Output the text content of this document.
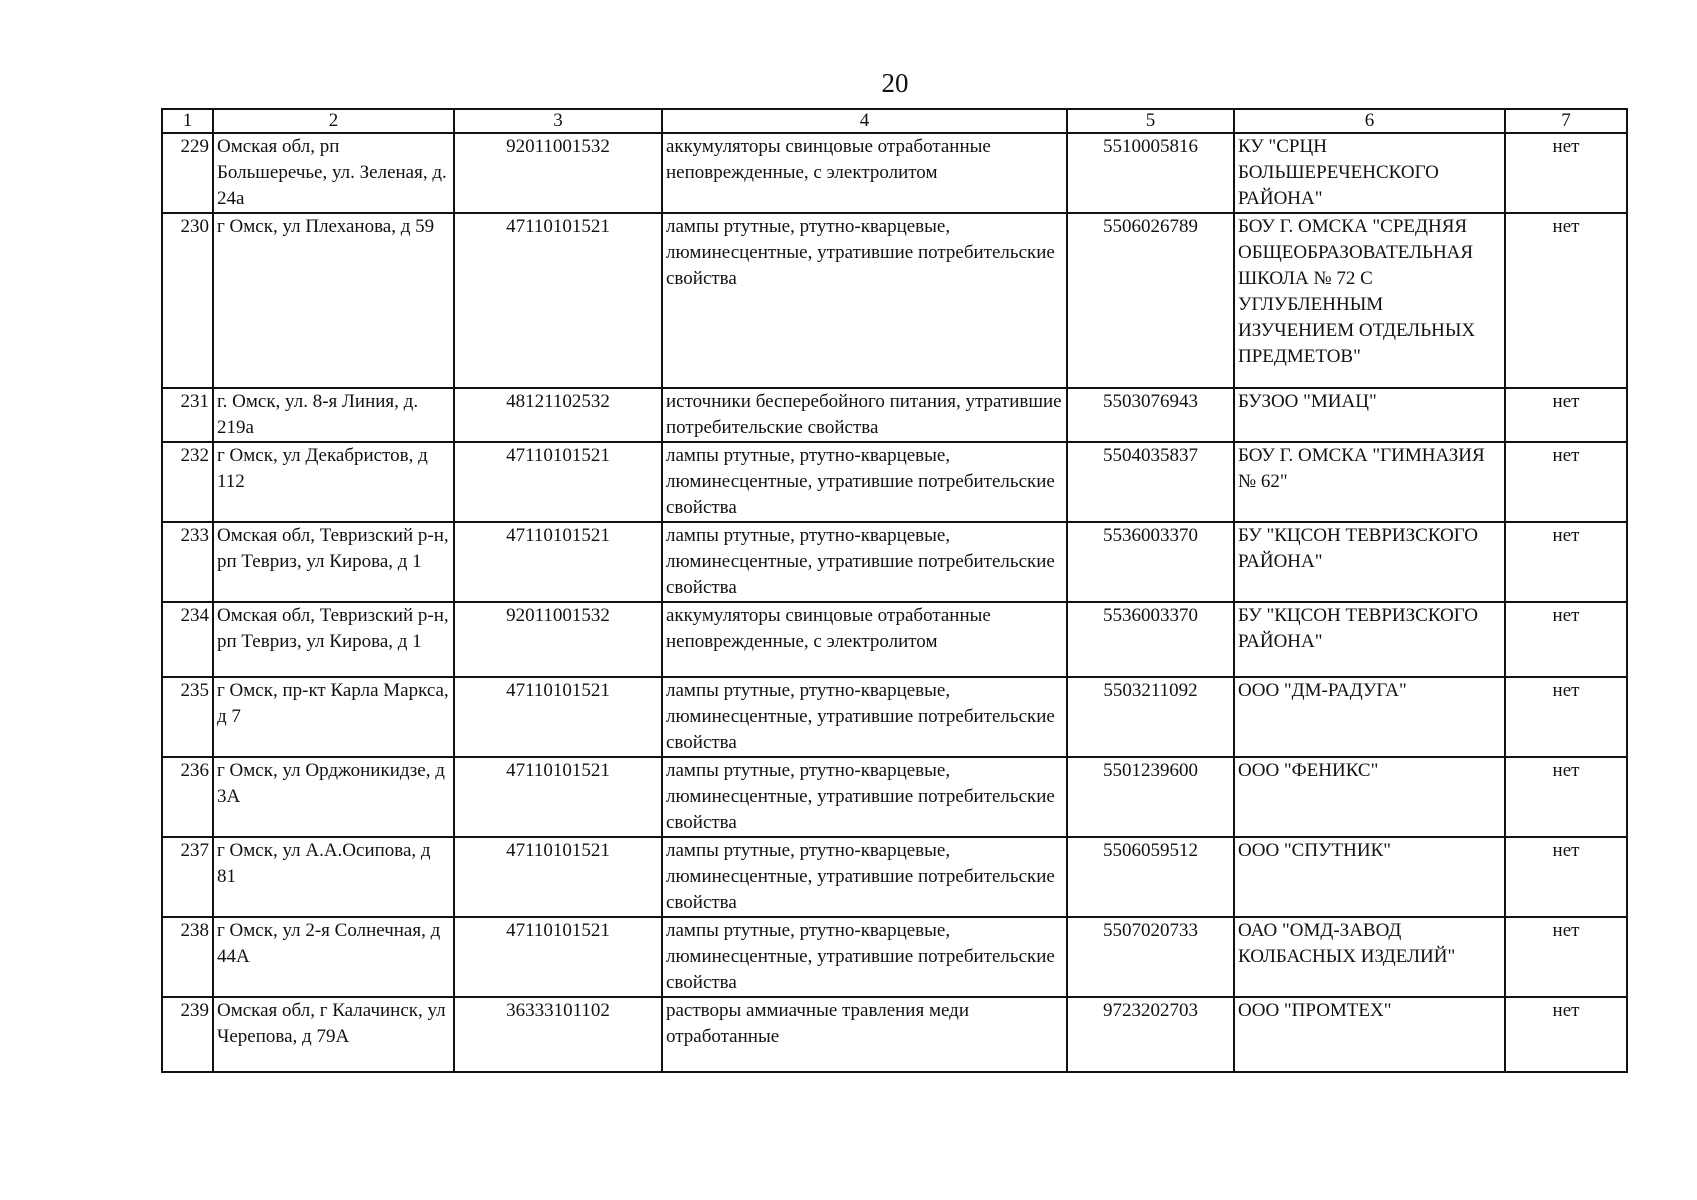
20
1	2	3	4	5	6	7
229	Омская обл, рп Большеречье, ул. Зеленая, д. 24а	92011001532	аккумуляторы свинцовые отработанные неповрежденные, с электролитом	5510005816	КУ "СРЦН БОЛЬШЕРЕЧЕНСКОГО РАЙОНА"	нет
230	г Омск, ул Плеханова, д 59	47110101521	лампы ртутные, ртутно-кварцевые, люминесцентные, утратившие потребительские свойства	5506026789	БОУ Г. ОМСКА "СРЕДНЯЯ ОБЩЕОБРАЗОВАТЕЛЬНАЯ ШКОЛА № 72 С УГЛУБЛЕННЫМ ИЗУЧЕНИЕМ ОТДЕЛЬНЫХ ПРЕДМЕТОВ"	нет
231	г. Омск, ул. 8-я Линия, д. 219а	48121102532	источники бесперебойного питания, утратившие потребительские свойства	5503076943	БУЗОО "МИАЦ"	нет
232	г Омск, ул Декабристов, д 112	47110101521	лампы ртутные, ртутно-кварцевые, люминесцентные, утратившие потребительские свойства	5504035837	БОУ Г. ОМСКА "ГИМНАЗИЯ № 62"	нет
233	Омская обл, Тевризский р-н, рп Тевриз, ул Кирова, д 1	47110101521	лампы ртутные, ртутно-кварцевые, люминесцентные, утратившие потребительские свойства	5536003370	БУ "КЦСОН ТЕВРИЗСКОГО РАЙОНА"	нет
234	Омская обл, Тевризский р-н, рп Тевриз, ул Кирова, д 1	92011001532	аккумуляторы свинцовые отработанные неповрежденные, с электролитом	5536003370	БУ "КЦСОН ТЕВРИЗСКОГО РАЙОНА"	нет
235	г Омск, пр-кт Карла Маркса, д 7	47110101521	лампы ртутные, ртутно-кварцевые, люминесцентные, утратившие потребительские свойства	5503211092	ООО "ДМ-РАДУГА"	нет
236	г Омск, ул Орджоникидзе, д 3А	47110101521	лампы ртутные, ртутно-кварцевые, люминесцентные, утратившие потребительские свойства	5501239600	ООО "ФЕНИКС"	нет
237	г Омск, ул А.А.Осипова, д 81	47110101521	лампы ртутные, ртутно-кварцевые, люминесцентные, утратившие потребительские свойства	5506059512	ООО "СПУТНИК"	нет
238	г Омск, ул 2-я Солнечная, д 44А	47110101521	лампы ртутные, ртутно-кварцевые, люминесцентные, утратившие потребительские свойства	5507020733	ОАО "ОМД-ЗАВОД КОЛБАСНЫХ ИЗДЕЛИЙ"	нет
239	Омская обл, г Калачинск, ул Черепова, д 79А	36333101102	растворы аммиачные травления меди отработанные	9723202703	ООО "ПРОМТЕХ"	нет
